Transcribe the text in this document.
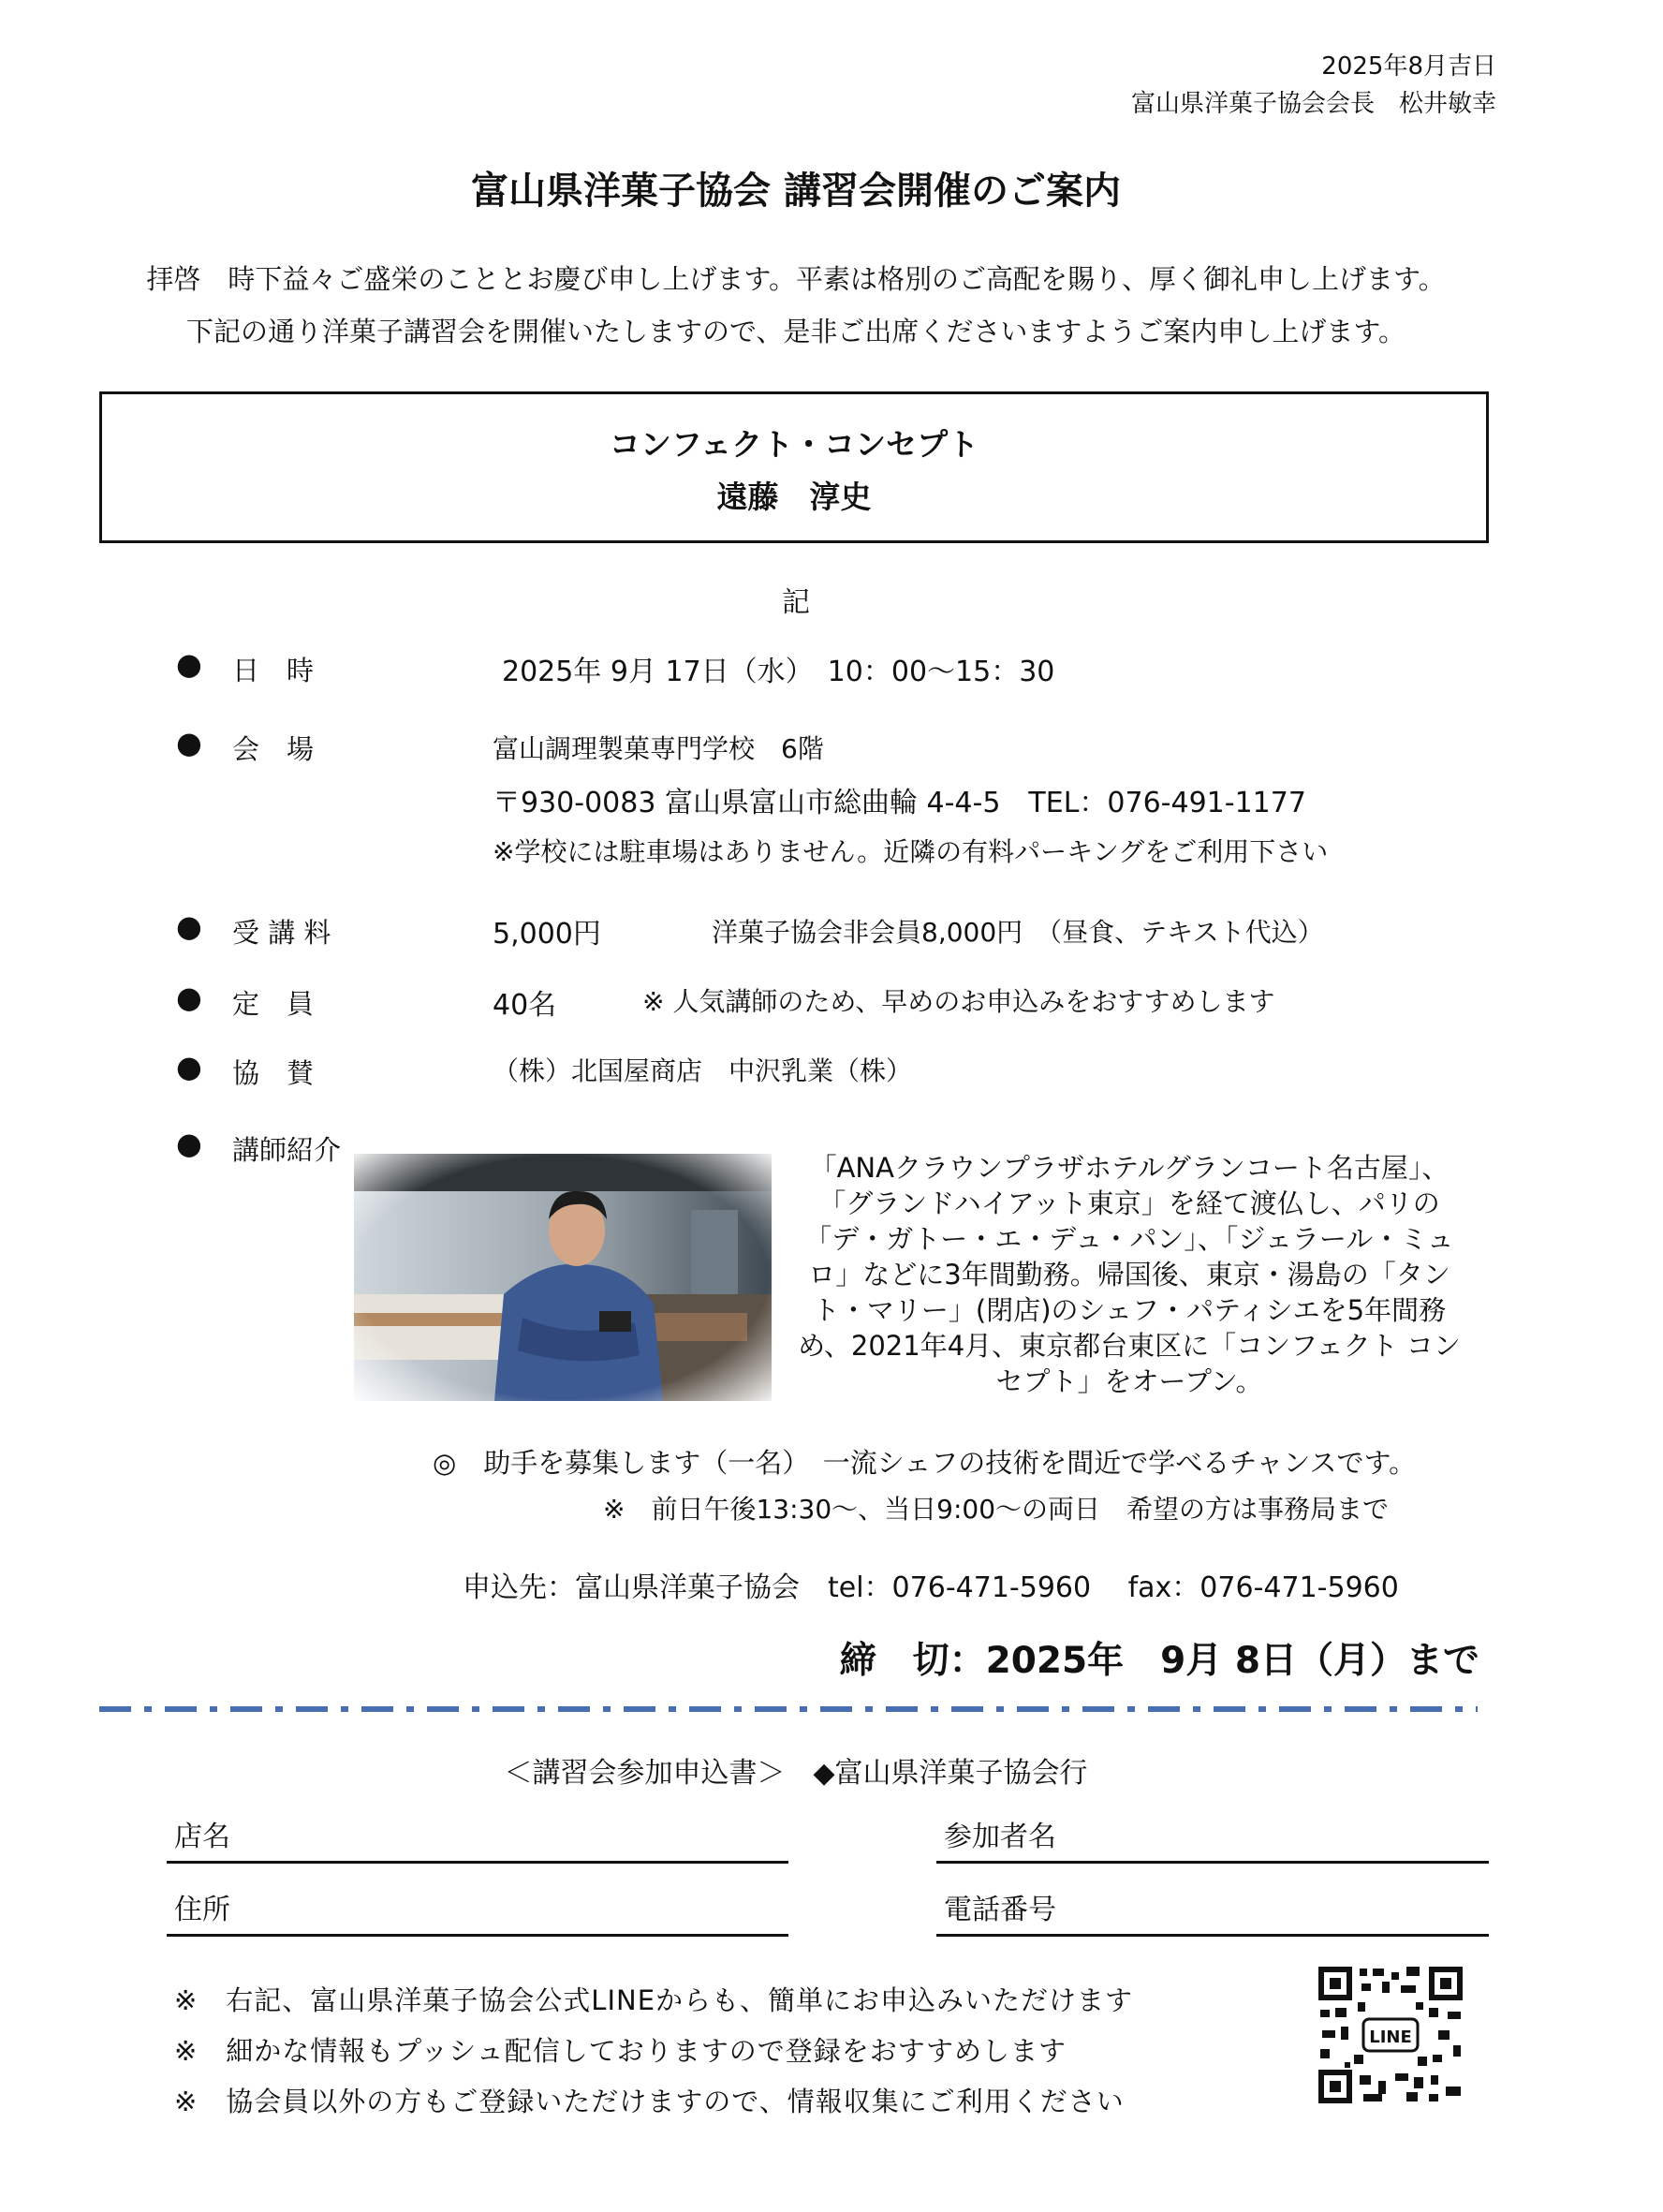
2025年8月吉日
富山県洋菓子協会会長　松井敏幸
富山県洋菓子協会 講習会開催のご案内
拝啓　時下益々ご盛栄のこととお慶び申し上げます。平素は格別のご高配を賜り、厚く御礼申し上げます。
下記の通り洋菓子講習会を開催いたしますので、是非ご出席くださいますようご案内申し上げます。
コンフェクト・コンセプト
遠藤　淳史
記
● 日　時	2025年 9月 17日（水）　10：00～15：30
● 会　場	富山調理製菓専門学校　6階
〒930-0083 富山県富山市総曲輪 4-4-5　TEL：076-491-1177
※学校には駐車場はありません。近隣の有料パーキングをご利用下さい
● 受 講 料	5,000円	洋菓子協会非会員8,000円　（昼食、テキスト代込）
● 定　員	40名	※ 人気講師のため、早めのお申込みをおすすめします
● 協　賛	（株）北国屋商店　中沢乳業（株）
● 講師紹介
「ANAクラウンプラザホテルグランコート名古屋」、「グランドハイアット東京」を経て渡仏し、パリの「デ・ガトー・エ・デュ・パン」、「ジェラール・ミュロ」などに3年間勤務。帰国後、東京・湯島の「タント・マリー」(閉店)のシェフ・パティシエを5年間務め、2021年4月、東京都台東区に「コンフェクト コンセプト」をオープン。
◎　助手を募集します（一名）　一流シェフの技術を間近で学べるチャンスです。
※　前日午後13:30～、当日9:00～の両日　希望の方は事務局まで
申込先：富山県洋菓子協会　tel：076-471-5960　 fax：076-471-5960
締　切：2025年　9月 8日（月）まで
＜講習会参加申込書＞　◆富山県洋菓子協会行
店名	参加者名
住所	電話番号
※　右記、富山県洋菓子協会公式LINEからも、簡単にお申込みいただけます
※　細かな情報もプッシュ配信しておりますので登録をおすすめします
※　協会員以外の方もご登録いただけますので、情報収集にご利用ください
LINE
